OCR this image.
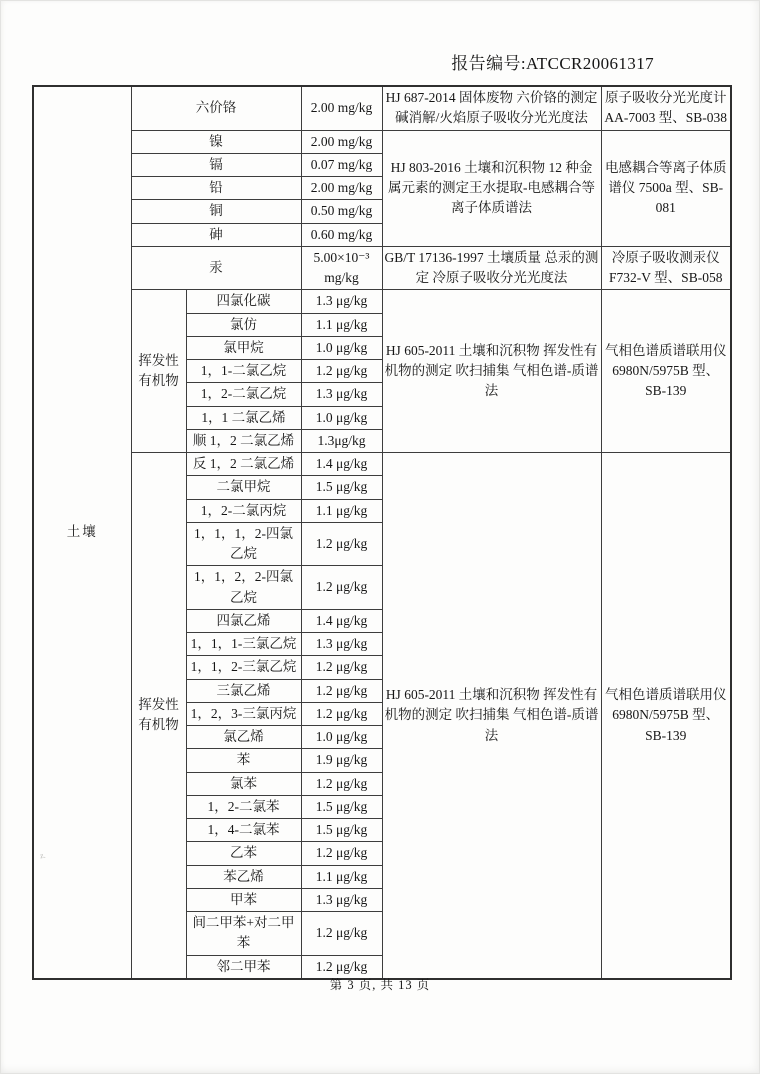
报告编号:ATCCR20061317
土壤	六价铬		2.00 mg/kg	HJ 687-2014 固体废物 六价铬的测定 碱消解/火焰原子吸收分光光度法	原子吸收分光光度计 AA-7003 型、SB-038
	镍		2.00 mg/kg	HJ 803-2016 土壤和沉积物 12 种金属元素的测定王水提取-电感耦合等离子体质谱法	电感耦合等离子体质谱仪 7500a 型、SB-081
	镉		0.07 mg/kg		
	铅		2.00 mg/kg		
	铜		0.50 mg/kg		
	砷		0.60 mg/kg		
	汞		5.00×10⁻³ mg/kg	GB/T 17136-1997 土壤质量 总汞的测定 冷原子吸收分光光度法	冷原子吸收测汞仪 F732-V 型、SB-058
	挥发性有机物	四氯化碳	1.3 μg/kg	HJ 605-2011 土壤和沉积物 挥发性有机物的测定 吹扫捕集 气相色谱-质谱法	气相色谱质谱联用仪 6980N/5975B 型、SB-139
		氯仿	1.1 μg/kg		
		氯甲烷	1.0 μg/kg		
		1，1-二氯乙烷	1.2 μg/kg		
		1，2-二氯乙烷	1.3 μg/kg		
		1，1 二氯乙烯	1.0 μg/kg		
		顺 1，2 二氯乙烯	1.3μg/kg		
	挥发性有机物	反 1，2 二氯乙烯	1.4 μg/kg	HJ 605-2011 土壤和沉积物 挥发性有机物的测定 吹扫捕集 气相色谱-质谱法	气相色谱质谱联用仪 6980N/5975B 型、SB-139
		二氯甲烷	1.5 μg/kg		
		1，2-二氯丙烷	1.1 μg/kg		
		1，1，1，2-四氯乙烷	1.2 μg/kg		
		1，1，2，2-四氯乙烷	1.2 μg/kg		
		四氯乙烯	1.4 μg/kg		
		1，1，1-三氯乙烷	1.3 μg/kg		
		1，1，2-三氯乙烷	1.2 μg/kg		
		三氯乙烯	1.2 μg/kg		
		1，2，3-三氯丙烷	1.2 μg/kg		
		氯乙烯	1.0 μg/kg		
		苯	1.9 μg/kg		
		氯苯	1.2 μg/kg		
		1，2-二氯苯	1.5 μg/kg		
		1，4-二氯苯	1.5 μg/kg		
		乙苯	1.2 μg/kg		
		苯乙烯	1.1 μg/kg		
		甲苯	1.3 μg/kg		
		间二甲苯+对二甲苯	1.2 μg/kg		
		邻二甲苯	1.2 μg/kg		
z.
第 3 页, 共 13 页
